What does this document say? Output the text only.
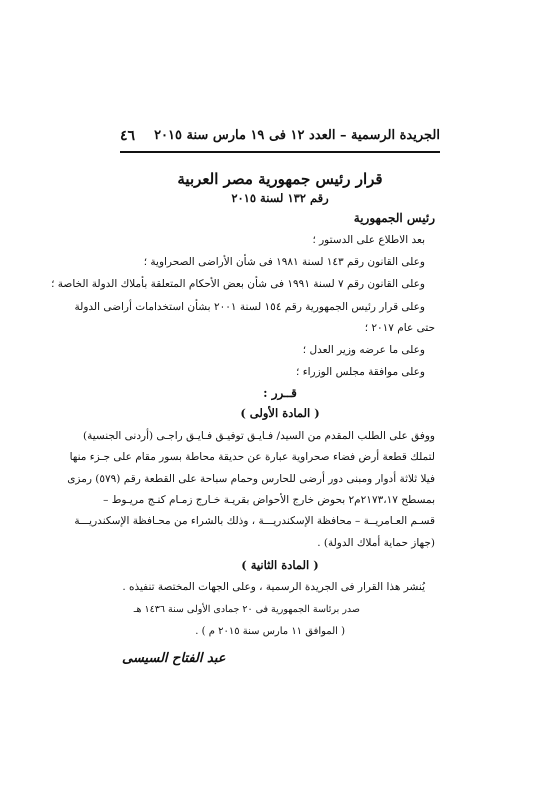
الجريدة الرسمية – العدد ١٢ فى ١٩ مارس سنة ٢٠١٥
٤٦
قرار رئيس جمهورية مصر العربية
رقم ١٣٢ لسنة ٢٠١٥
رئيس الجمهورية
بعد الاطلاع على الدستور ؛
وعلى القانون رقم ١٤٣ لسنة ١٩٨١ فى شأن الأراضى الصحراوية ؛
وعلى القانون رقم ٧ لسنة ١٩٩١ فى شأن بعض الأحكام المتعلقة بأملاك الدولة الخاصة ؛
وعلى قرار رئيس الجمهورية رقم ١٥٤ لسنة ٢٠٠١ بشأن استخدامات أراضى الدولة
حتى عام ٢٠١٧ ؛
وعلى ما عرضه وزير العدل ؛
وعلى موافقة مجلس الوزراء ؛
قــرر :
( المادة الأولى )
ووفق على الطلب المقدم من السيد/ فـايـق توفيـق فـايـق راجـى (أردنى الجنسية)
لتملك قطعة أرض فضاء صحراوية عبارة عن حديقة محاطة بسور مقام على جـزء منها
فيلا ثلاثة أدوار ومبنى دور أرضى للحارس وحمام سباحة على القطعة رقم (٥٧٩) رمزى
بمسطح ٢١٧٣،١٧م٢ بحوض خارج الأحواض بقريـة خـارج زمـام كنـج مريـوط –
قسـم العـامريــة – محافظة الإسكندريـــة ، وذلك بالشراء من محـافظة الإسكندريـــة
(جهاز حماية أملاك الدولة) .
( المادة الثانية )
يُنشر هذا القرار فى الجريدة الرسمية ، وعلى الجهات المختصة تنفيذه .
صدر برئاسة الجمهورية فى ٢٠ جمادى الأولى سنة ١٤٣٦ هـ
( الموافق ١١ مارس سنة ٢٠١٥ م ) .
عبد الفتاح السيسى
